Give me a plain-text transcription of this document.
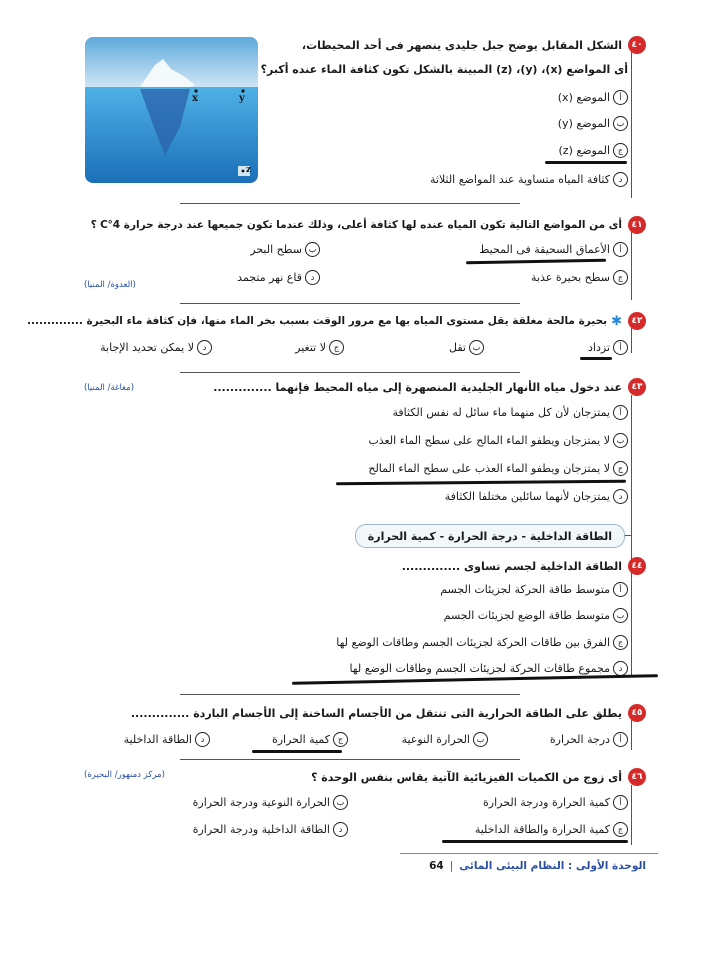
٤٠
الشكل المقابل يوضح جبل جليدى ينصهر فى أحد المحيطات،
أى المواضع (x)، (y)، (z) المبينة بالشكل تكون كثافة الماء عنده أكبر؟
x	y
z
أ
الموضع (x)
ب
الموضع (y)
ج
الموضع (z)
د
كثافة المياه متساوية عند المواضع الثلاثة
٤١
أى من المواضع التالية تكون المياه عنده لها كثافة أعلى، وذلك عندما تكون جميعها عند درجة حرارة 4°C ؟
أ
الأعماق السحيقة فى المحيط
ب
سطح البحر
ج
سطح بحيرة عذبة
د
قاع نهر متجمد
(العدوة/ المنيا)
٤٢
✱
بحيرة مالحة مغلقة يقل مستوى المياه بها مع مرور الوقت بسبب بخر الماء منها، فإن كثافة ماء البحيرة ..............
أ
تزداد
ب
تقل
ج
لا تتغير
د
لا يمكن تحديد الإجابة
٤٣
عند دخول مياه الأنهار الجليدية المنصهرة إلى مياه المحيط فإنهما ..............
(مغاغة/ المنيا)
أ
يمتزجان لأن كل منهما ماء سائل له نفس الكثافة
ب
لا يمتزجان ويطفو الماء المالح على سطح الماء العذب
ج
لا يمتزجان ويطفو الماء العذب على سطح الماء المالح
د
يمتزجان لأنهما سائلين مختلفا الكثافة
الطاقة الداخلية - درجة الحرارة - كمية الحرارة
٤٤
الطاقة الداخلية لجسم تساوى ..............
أ
متوسط طاقة الحركة لجزيئات الجسم
ب
متوسط طاقة الوضع لجزيئات الجسم
ج
الفرق بين طاقات الحركة لجزيئات الجسم وطاقات الوضع لها
د
مجموع طاقات الحركة لجزيئات الجسم وطاقات الوضع لها
٤٥
يطلق على الطاقة الحرارية التى تنتقل من الأجسام الساخنة إلى الأجسام الباردة ..............
أ
درجة الحرارة
ب
الحرارة النوعية
ج
كمية الحرارة
د
الطاقة الداخلية
٤٦
أى زوج من الكميات الفيزيائية الآتية يقاس بنفس الوحدة ؟
(مركز دمنهور/ البحيرة)
أ
كمية الحرارة ودرجة الحرارة
ب
الحرارة النوعية ودرجة الحرارة
ج
كمية الحرارة والطاقة الداخلية
د
الطاقة الداخلية ودرجة الحرارة
الوحدة الأولى : النظام البيئى المائى
|
64
